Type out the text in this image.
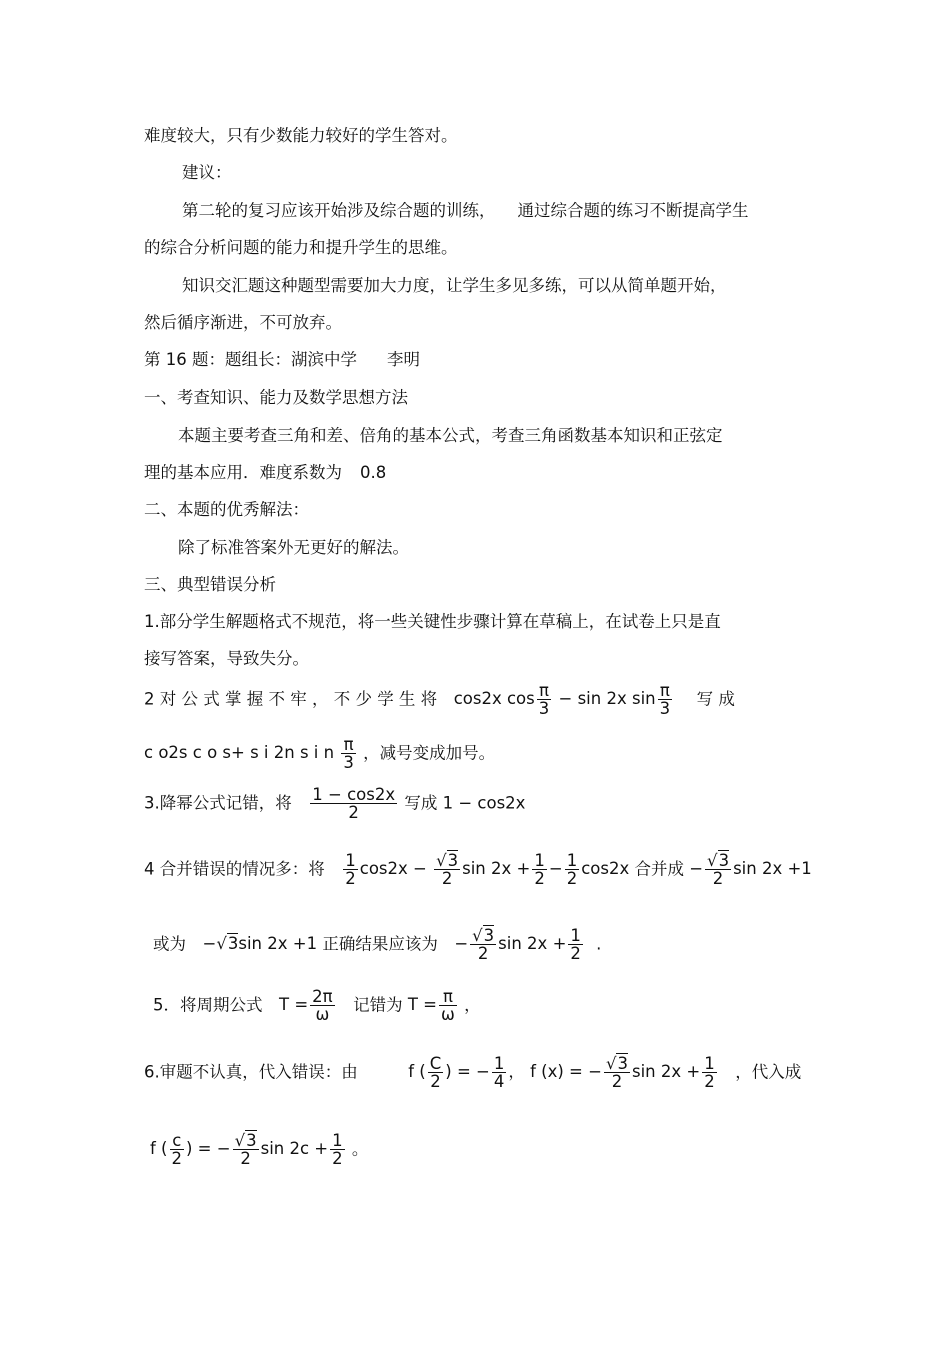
难度较大，只有少数能力较好的学生答对。
建议：
第二轮的复习应该开始涉及综合题的训练， 通过综合题的练习不断提高学生
的综合分析问题的能力和提升学生的思维。
知识交汇题这种题型需要加大力度，让学生多见多练，可以从简单题开始，
然后循序渐进，不可放弃。
第 16 题：题组长：湖滨中学 李明
一、考查知识、能力及数学思想方法
本题主要考查三角和差、倍角的基本公式，考查三角函数基本知识和正弦定
理的基本应用．难度系数为 0.8
二、本题的优秀解法：
除了标准答案外无更好的解法。
三、典型错误分析
1.部分学生解题格式不规范，将一些关键性步骤计算在草稿上，在试卷上只是直
接写答案，导致失分。
2 对 公 式 掌 握 不 牢 ， 不 少 学 生 将 cos2x $\cos \frac{\pi}{3} - \sin 2x$ $\sin \frac{\pi}{3}$ 写 成
c o2s c o s+ s i 2n s i n $\frac{\pi}{3}$ ，减号变成加号。
3.降幂公式记错，将 $\frac{1 - \cos 2x}{2}$ 写成 1 − cos2x
4 合并错误的情况多：将 $\frac{1}{2} \cos 2x - \frac{√3}{2}$ $\sin 2x + \frac{1}{2} - \frac{1}{2} \cos 2x$ 合并成 − $\frac{√3}{2}$ sin 2x +1
或为 −√3sin 2x +1 正确结果应该为 − $\frac{√3}{2}$ $\sin 2x + \frac{1}{2}$ .
5．将周期公式 $T = \frac{2\pi}{\omega}$ 记错为 $T = \frac{\pi}{\omega}$ ，
6.审题不认真，代入错误：由	f ( $\frac{C}{2}$ ) = − $\frac{1}{4}$ ， f (x) = − $\frac{√3}{2}$ $\sin 2x + \frac{1}{2}$ ，代入成
f ( $\frac{c}{2}$ ) = − $\frac{√3}{2}$ $\sin 2c + \frac{1}{2}$ 。
